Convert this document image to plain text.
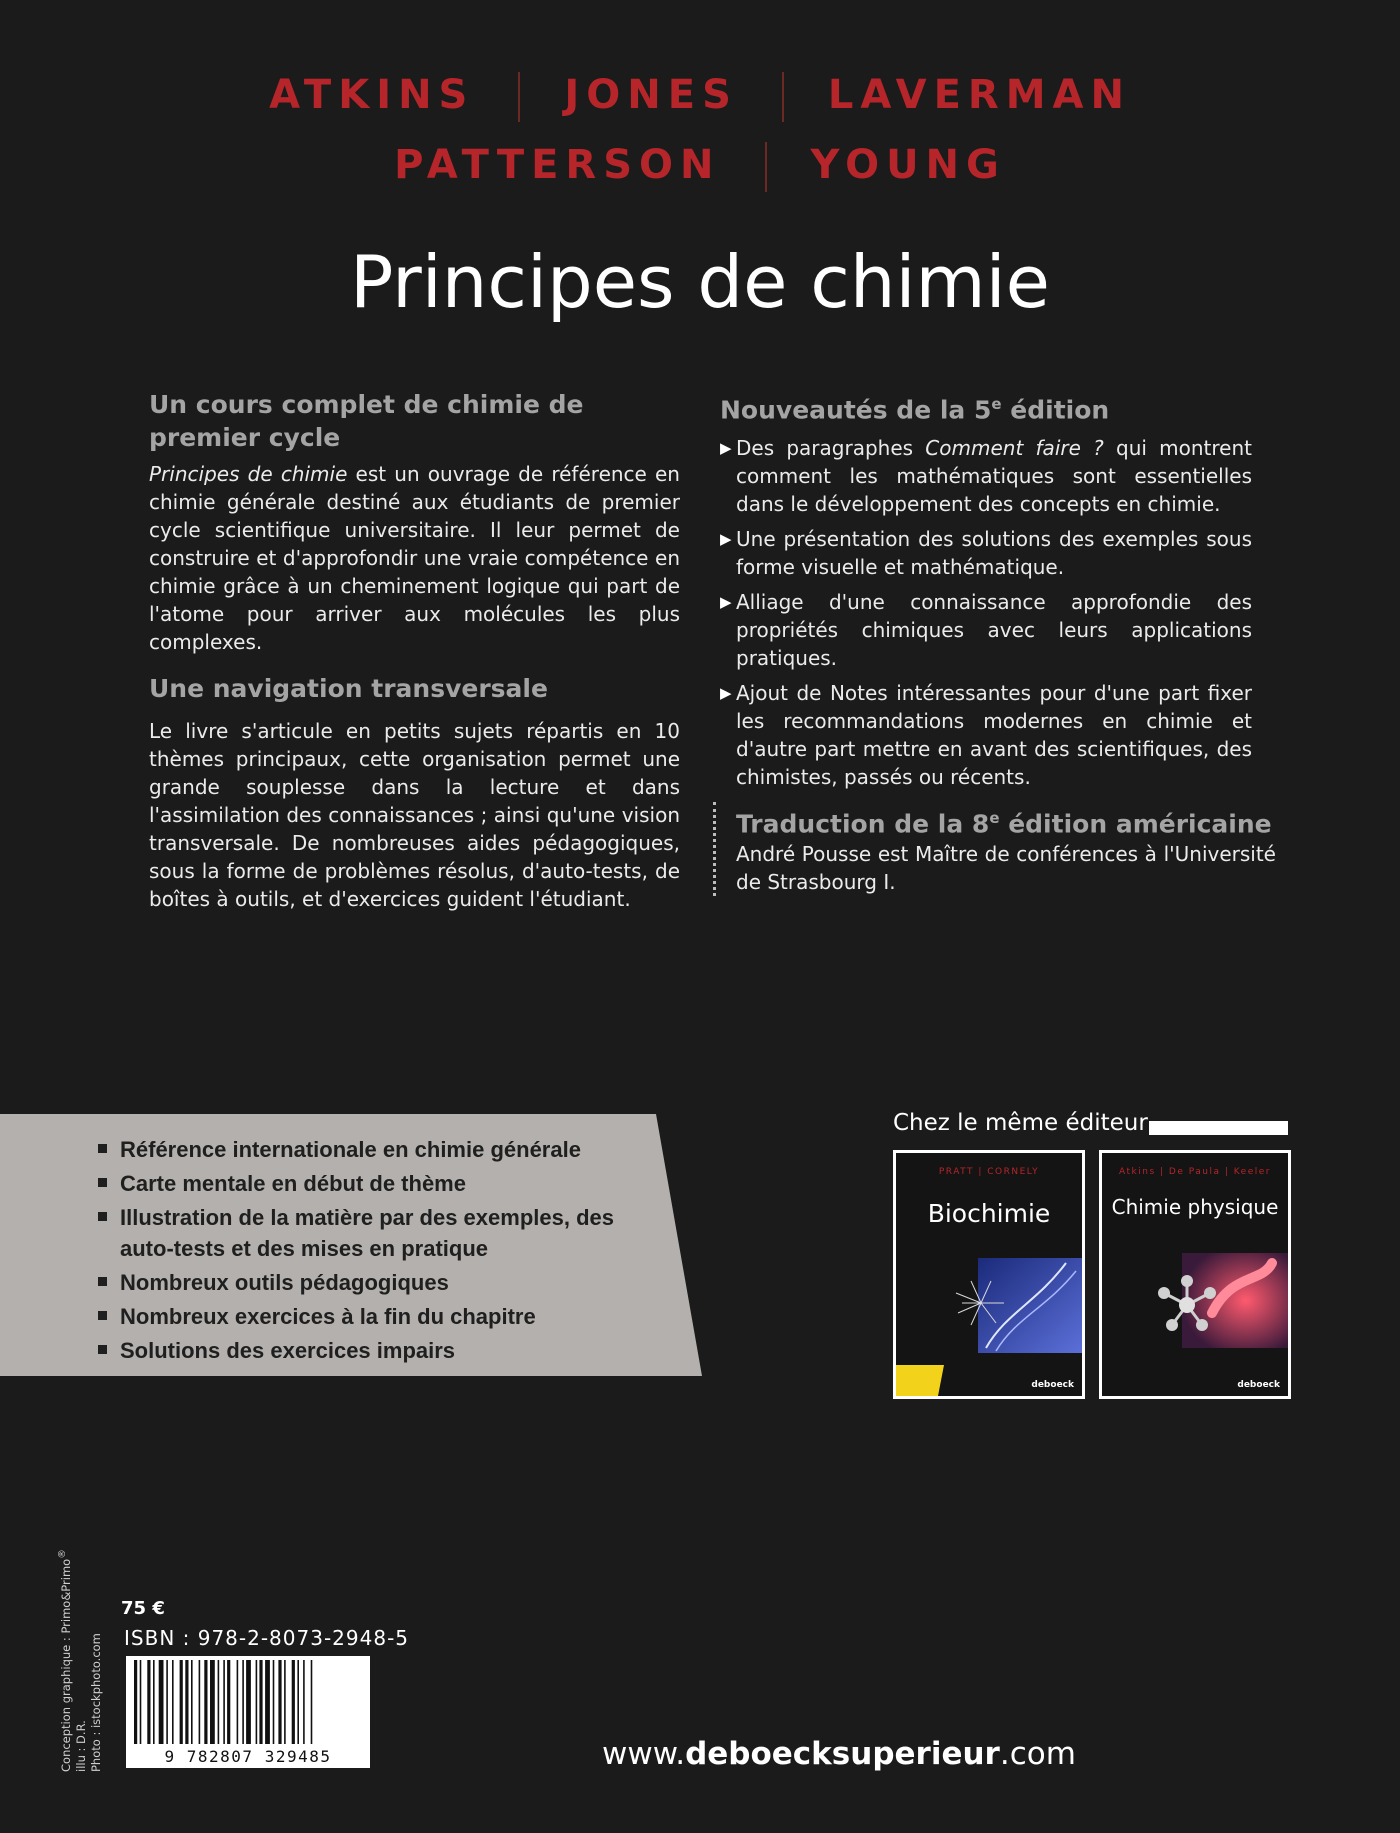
ATKINS JONES LAVERMAN
PATTERSON YOUNG
Principes de chimie
Un cours complet de chimie de premier cycle

Principes de chimie est un ouvrage de référence en chimie générale destiné aux étudiants de premier cycle scientifique universitaire. Il leur permet de construire et d'approfondir une vraie compétence en chimie grâce à un cheminement logique qui part de l'atome pour arriver aux molécules les plus complexes.

Une navigation transversale

Le livre s'articule en petits sujets répartis en 10 thèmes principaux, cette organisation permet une grande souplesse dans la lecture et dans l'assimilation des connaissances ; ainsi qu'une vision transversale. De nombreuses aides pédagogiques, sous la forme de problèmes résolus, d'auto-tests, de boîtes à outils, et d'exercices guident l'étudiant.

Nouveautés de la 5e édition
▶ Des paragraphes Comment faire ? qui montrent comment les mathématiques sont essentielles dans le développement des concepts en chimie.
▶ Une présentation des solutions des exemples sous forme visuelle et mathématique.
▶ Alliage d'une connaissance approfondie des propriétés chimiques avec leurs applications pratiques.
▶ Ajout de Notes intéressantes pour d'une part fixer les recommandations modernes en chimie et d'autre part mettre en avant des scientifiques, des chimistes, passés ou récents.
Traduction de la 8e édition américaine

André Pousse est Maître de conférences à l'Université de Strasbourg I.

Référence internationale en chimie générale
Carte mentale en début de thème
Illustration de la matière par des exemples, des auto-tests et des mises en pratique
Nombreux outils pédagogiques
Nombreux exercices à la fin du chapitre
Solutions des exercices impairs
Chez le même éditeur
PRATT | CORNELY
Biochimie
deboeck
Atkins | De Paula | Keeler
Chimie physique
deboeck
Conception graphique : Primo&Primo®
illu : D.R. Photo : istockphoto.com
75 €
ISBN : 978-2-8073-2948-5
9 782807 329485	www.deboecksuperieur.com
